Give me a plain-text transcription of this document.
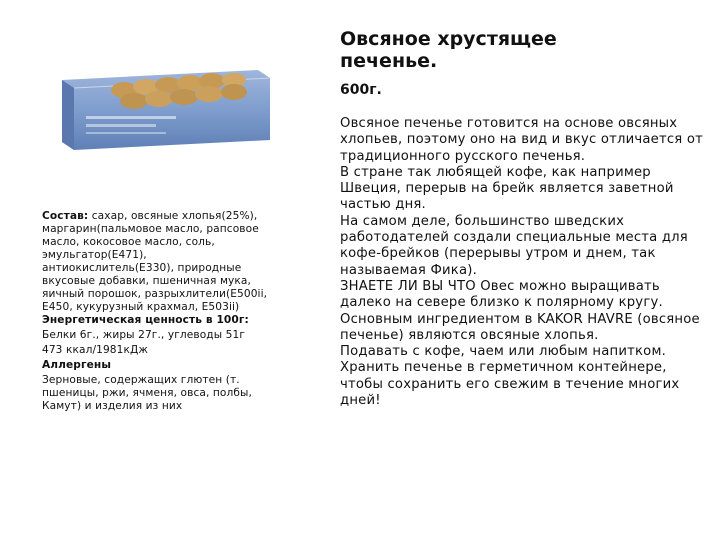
Овсяное хрустящее
печенье.
600г.

Овсяное печенье готовится на основе овсяных хлопьев, поэтому оно на вид и вкус отличается от традиционного русского печенья.

В стране так любящей кофе, как например Швеция, перерыв на брейк является заветной частью дня.

На самом деле, большинство шведских работодателей создали специальные места для кофе-брейков (перерывы утром и днем, так называемая Фика).

ЗНАЕТЕ ЛИ ВЫ ЧТО Овес можно выращивать далеко на севере близко к полярному кругу. Основным ингредиентом в KAKOR HAVRE (овсяное печенье) являются овсяные хлопья.

Подавать с кофе, чаем или любым напитком. Хранить печенье в герметичном контейнере, чтобы сохранить его свежим в течение многих дней!

Состав: сахар, овсяные хлопья(25%), маргарин(пальмовое масло, рапсовое масло, кокосовое масло, соль, эмульгатор(E471), антиокислитель(E330), природные вкусовые добавки, пшеничная мука, яичный порошок, разрыхлители(E500ii, E450, кукурузный крахмал, E503ii)

Энергетическая ценность в 100г:

Белки 6г., жиры 27г., углеводы 51г

473 ккал/1981кДж

Аллергены

Зерновые, содержащих глютен (т. пшеницы, ржи, ячменя, овса, полбы, Камут) и изделия из них
